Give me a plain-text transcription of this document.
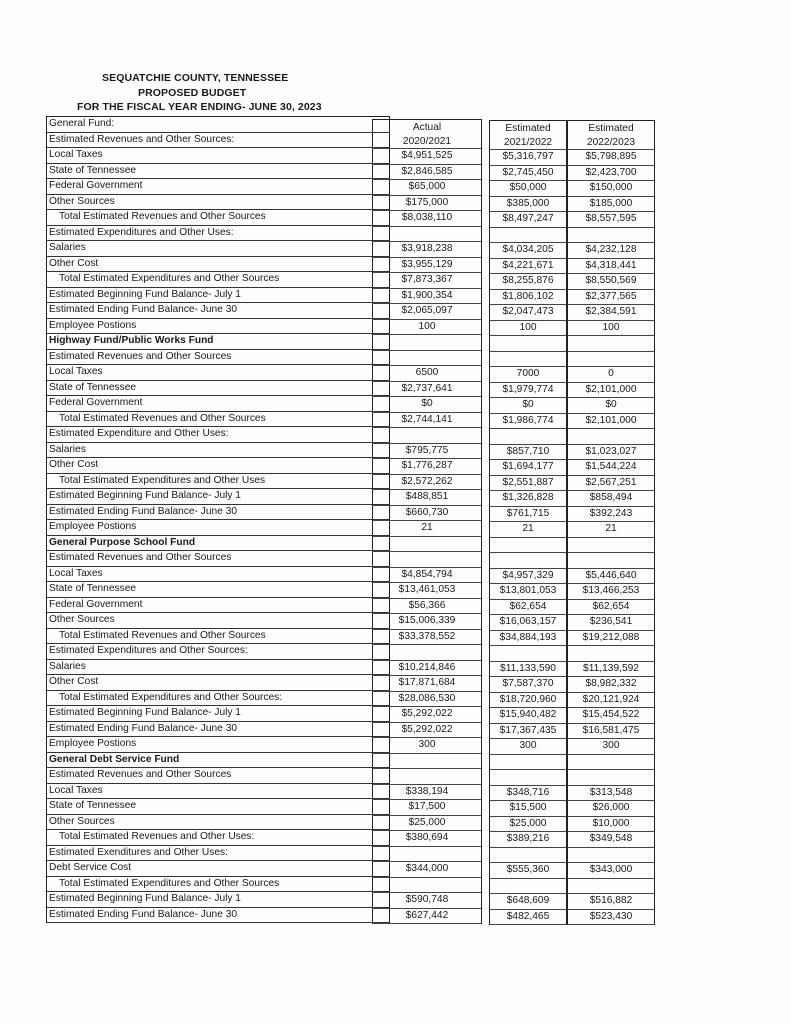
SEQUATCHIE COUNTY, TENNESSEE
PROPOSED BUDGET
FOR THE FISCAL YEAR ENDING- JUNE 30, 2023
General Fund:
Estimated Revenues and Other Sources:
Local Taxes
State of Tennessee
Federal Government
Other Sources
Total Estimated Revenues and Other Sources
Estimated Expenditures and Other Uses:
Salaries
Other Cost
Total Estimated Expenditures and Other Sources
Estimated Beginning Fund Balance- July 1
Estimated Ending Fund Balance- June 30
Employee Postions
Highway Fund/Public Works Fund
Estimated Revenues and Other Sources
Local Taxes
State of Tennessee
Federal Government
Total Estimated Revenues and Other Sources
Estimated Expenditure and Other Uses:
Salaries
Other Cost
Total Estimated Expenditures and Other Uses
Estimated Beginning Fund Balance- July 1
Estimated Ending Fund Balance- June 30
Employee Postions
General Purpose School Fund
Estimated Revenues and Other Sources
Local Taxes
State of Tennessee
Federal Government
Other Sources
Total Estimated Revenues and Other Sources
Estimated Expenditures and Other Sources:
Salaries
Other Cost
Total Estimated Expenditures and Other Sources:
Estimated Beginning Fund Balance- July 1
Estimated Ending Fund Balance- June 30
Employee Postions
General Debt Service Fund
Estimated Revenues and Other Sources
Local Taxes
State of Tennessee
Other Sources
Total Estimated Revenues and Other Uses:
Estimated Exenditures and Other Uses:
Debt Service Cost
Total Estimated Expenditures and Other Sources
Estimated Beginning Fund Balance- July 1
Estimated Ending Fund Balance- June 30
Actual
2020/2021
$4,951,525
$2,846,585
$65,000
$175,000
$8,038,110
$3,918,238
$3,955,129
$7,873,367
$1,900,354
$2,065,097
100
6500
$2,737,641
$0
$2,744,141
$795,775
$1,776,287
$2,572,262
$488,851
$660,730
21
$4,854,794
$13,461,053
$56,366
$15,006,339
$33,378,552
$10,214,846
$17,871,684
$28,086,530
$5,292,022
$5,292,022
300
$338,194
$17,500
$25,000
$380,694
$344,000
$590,748
$627,442
Estimated
2021/2022
$5,316,797
$2,745,450
$50,000
$385,000
$8,497,247
$4,034,205
$4,221,671
$8,255,876
$1,806,102
$2,047,473
100
7000
$1,979,774
$0
$1,986,774
$857,710
$1,694,177
$2,551,887
$1,326,828
$761,715
21
$4,957,329
$13,801,053
$62,654
$16,063,157
$34,884,193
$11,133,590
$7,587,370
$18,720,960
$15,940,482
$17,367,435
300
$348,716
$15,500
$25,000
$389,216
$555,360
$648,609
$482,465
Estimated
2022/2023
$5,798,895
$2,423,700
$150,000
$185,000
$8,557,595
$4,232,128
$4,318,441
$8,550,569
$2,377,565
$2,384,591
100
0
$2,101,000
$0
$2,101,000
$1,023,027
$1,544,224
$2,567,251
$858,494
$392,243
21
$5,446,640
$13,466,253
$62,654
$236,541
$19,212,088
$11,139,592
$8,982,332
$20,121,924
$15,454,522
$16,581,475
300
$313,548
$26,000
$10,000
$349,548
$343,000
$516,882
$523,430
